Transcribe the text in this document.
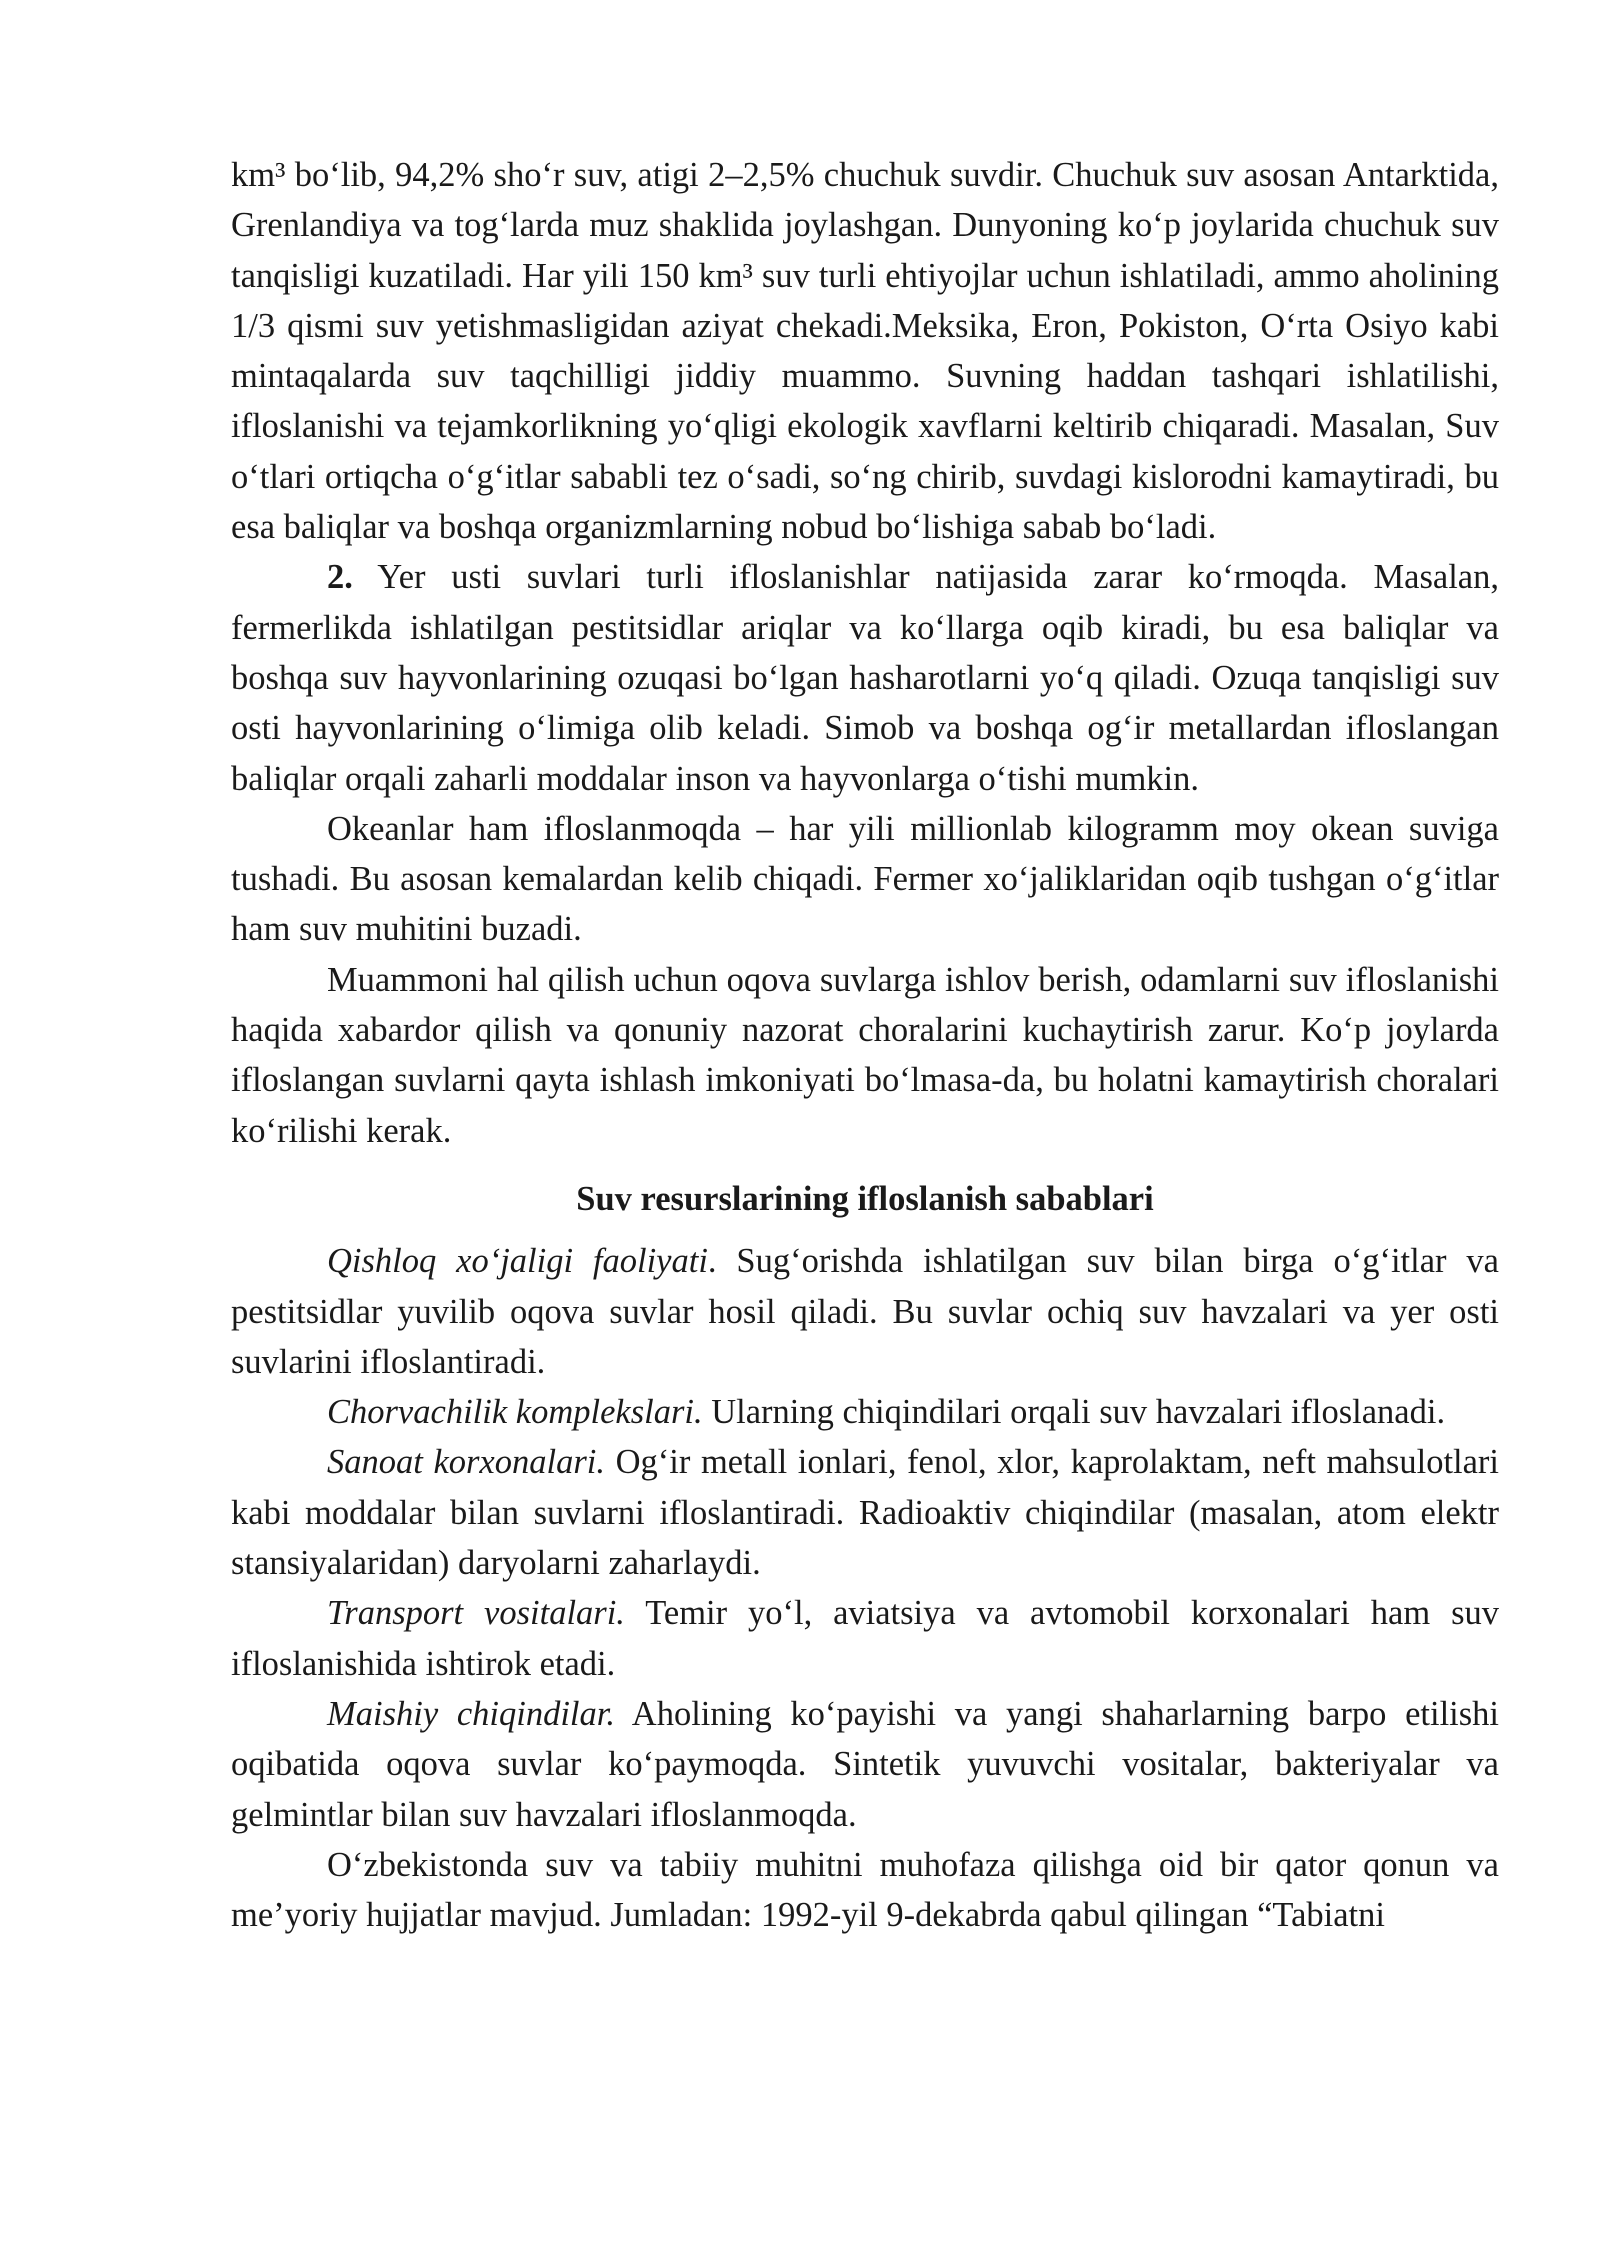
km³ bo‘lib, 94,2% sho‘r suv, atigi 2–2,5% chuchuk suvdir. Chuchuk suv asosan Antarktida, Grenlandiya va tog‘larda muz shaklida joylashgan. Dunyoning ko‘p joylarida chuchuk suv tanqisligi kuzatiladi. Har yili 150 km³ suv turli ehtiyojlar uchun ishlatiladi, ammo aholining 1/3 qismi suv yetishmasligidan aziyat chekadi.Meksika, Eron, Pokiston, O‘rta Osiyo kabi mintaqalarda suv taqchilligi jiddiy muammo. Suvning haddan tashqari ishlatilishi, ifloslanishi va tejamkorlikning yo‘qligi ekologik xavflarni keltirib chiqaradi. Masalan, Suv o‘tlari ortiqcha o‘g‘itlar sababli tez o‘sadi, so‘ng chirib, suvdagi kislorodni kamaytiradi, bu esa baliqlar va boshqa organizmlarning nobud bo‘lishiga sabab bo‘ladi.

2. Yer usti suvlari turli ifloslanishlar natijasida zarar ko‘rmoqda. Masalan, fermerlikda ishlatilgan pestitsidlar ariqlar va ko‘llarga oqib kiradi, bu esa baliqlar va boshqa suv hayvonlarining ozuqasi bo‘lgan hasharotlarni yo‘q qiladi. Ozuqa tanqisligi suv osti hayvonlarining o‘limiga olib keladi. Simob va boshqa og‘ir metallardan ifloslangan baliqlar orqali zaharli moddalar inson va hayvonlarga o‘tishi mumkin.

Okeanlar ham ifloslanmoqda – har yili millionlab kilogramm moy okean suviga tushadi. Bu asosan kemalardan kelib chiqadi. Fermer xo‘jaliklaridan oqib tushgan o‘g‘itlar ham suv muhitini buzadi.

Muammoni hal qilish uchun oqova suvlarga ishlov berish, odamlarni suv ifloslanishi haqida xabardor qilish va qonuniy nazorat choralarini kuchaytirish zarur. Ko‘p joylarda ifloslangan suvlarni qayta ishlash imkoniyati bo‘lmasa-da, bu holatni kamaytirish choralari ko‘rilishi kerak.

Suv resurslarining ifloslanish sabablari

Qishloq xo‘jaligi faoliyati. Sug‘orishda ishlatilgan suv bilan birga o‘g‘itlar va pestitsidlar yuvilib oqova suvlar hosil qiladi. Bu suvlar ochiq suv havzalari va yer osti suvlarini ifloslantiradi.

Chorvachilik komplekslari. Ularning chiqindilari orqali suv havzalari ifloslanadi.

Sanoat korxonalari. Og‘ir metall ionlari, fenol, xlor, kaprolaktam, neft mahsulotlari kabi moddalar bilan suvlarni ifloslantiradi. Radioaktiv chiqindilar (masalan, atom elektr stansiyalaridan) daryolarni zaharlaydi.

Transport vositalari. Temir yo‘l, aviatsiya va avtomobil korxonalari ham suv ifloslanishida ishtirok etadi.

Maishiy chiqindilar. Aholining ko‘payishi va yangi shaharlarning barpo etilishi oqibatida oqova suvlar ko‘paymoqda. Sintetik yuvuvchi vositalar, bakteriyalar va gelmintlar bilan suv havzalari ifloslanmoqda.

O‘zbekistonda suv va tabiiy muhitni muhofaza qilishga oid bir qator qonun va me’yoriy hujjatlar mavjud. Jumladan: 1992-yil 9-dekabrda qabul qilingan “Tabiatni
